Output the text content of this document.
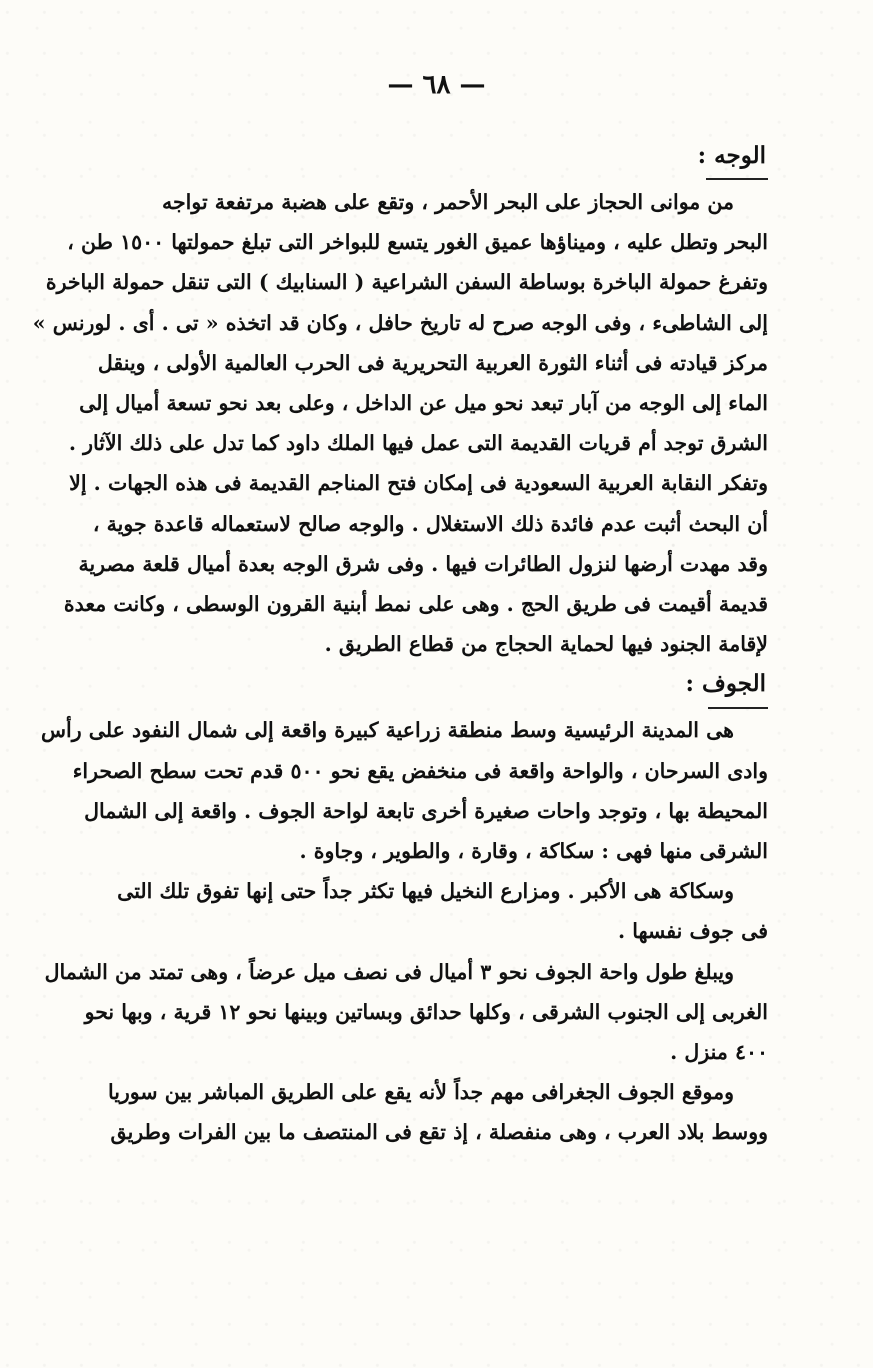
— ٦٨ —
الوجه :
من موانى الحجاز على البحر الأحمر ، وتقع على هضبة مرتفعة تواجه
البحر وتطل عليه ، وميناؤها عميق الغور يتسع للبواخر التى تبلغ حمولتها ١٥٠٠ طن ،
وتفرغ حمولة الباخرة بوساطة السفن الشراعية ( السنابيك ) التى تنقل حمولة الباخرة
إلى الشاطىء ، وفى الوجه صرح له تاريخ حافل ، وكان قد اتخذه « تى . أى . لورنس »
مركز قيادته فى أثناء الثورة العربية التحريرية فى الحرب العالمية الأولى ، وينقل
الماء إلى الوجه من آبار تبعد نحو ميل عن الداخل ، وعلى بعد نحو تسعة أميال إلى
الشرق توجد أم قريات القديمة التى عمل فيها الملك داود كما تدل على ذلك الآثار .
وتفكر النقابة العربية السعودية فى إمكان فتح المناجم القديمة فى هذه الجهات . إلا
أن البحث أثبت عدم فائدة ذلك الاستغلال . والوجه صالح لاستعماله قاعدة جوية ،
وقد مهدت أرضها لنزول الطائرات فيها . وفى شرق الوجه بعدة أميال قلعة مصرية
قديمة أقيمت فى طريق الحج . وهى على نمط أبنية القرون الوسطى ، وكانت معدة
لإقامة الجنود فيها لحماية الحجاج من قطاع الطريق .
الجوف :
هى المدينة الرئيسية وسط منطقة زراعية كبيرة واقعة إلى شمال النفود على رأس
وادى السرحان ، والواحة واقعة فى منخفض يقع نحو ٥٠٠ قدم تحت سطح الصحراء
المحيطة بها ، وتوجد واحات صغيرة أخرى تابعة لواحة الجوف . واقعة إلى الشمال
الشرقى منها فهى : سكاكة ، وقارة ، والطوير ، وجاوة .
وسكاكة هى الأكبر . ومزارع النخيل فيها تكثر جداً حتى إنها تفوق تلك التى
فى جوف نفسها .
ويبلغ طول واحة الجوف نحو ٣ أميال فى نصف ميل عرضاً ، وهى تمتد من الشمال
الغربى إلى الجنوب الشرقى ، وكلها حدائق وبساتين وبينها نحو ١٢ قرية ، وبها نحو
٤٠٠ منزل .
وموقع الجوف الجغرافى مهم جداً لأنه يقع على الطريق المباشر بين سوريا
ووسط بلاد العرب ، وهى منفصلة ، إذ تقع فى المنتصف ما بين الفرات وطريق
